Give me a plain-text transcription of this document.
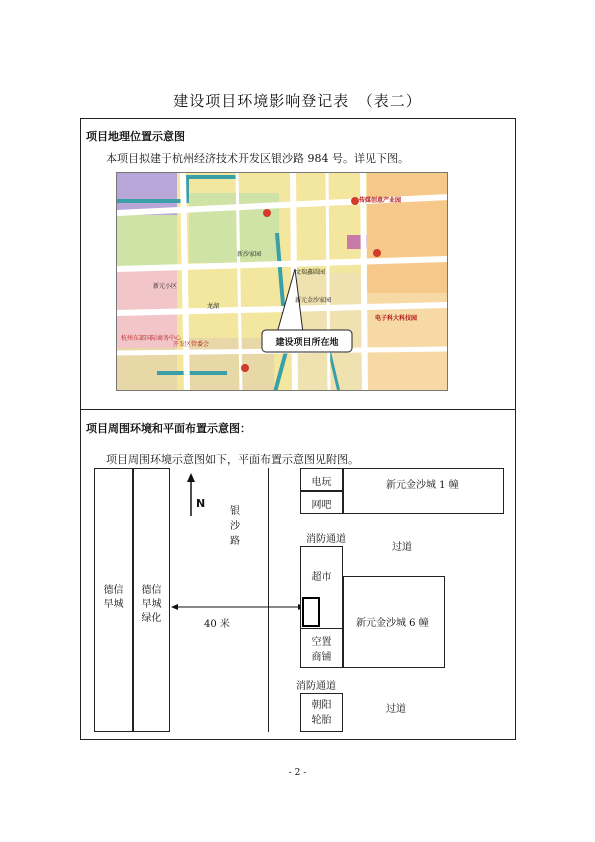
建设项目环境影响登记表　（表二）
项目地理位置示意图
本项目拟建于杭州经济技术开发区银沙路 984 号。详见下图。
杭州东部国际商务中心
传媒创意产业园
新沙家园
文瑞鑫圆园
新元小区
新元金沙家园
开发区管委会
电子科大科技园
龙湖
建设项目所在地
项目周围环境和平面布置示意图：
项目周围环境示意图如下，平面布置示意图见附图。
德信
早城
德信
早城
绿化
N
银
沙
路
40 米
新元金沙城 1 幢
电玩
网吧
消防通道
过道
超市
空置
商铺
新元金沙城 6 幢
消防通道
朝阳
轮胎
过道
- 2 -
